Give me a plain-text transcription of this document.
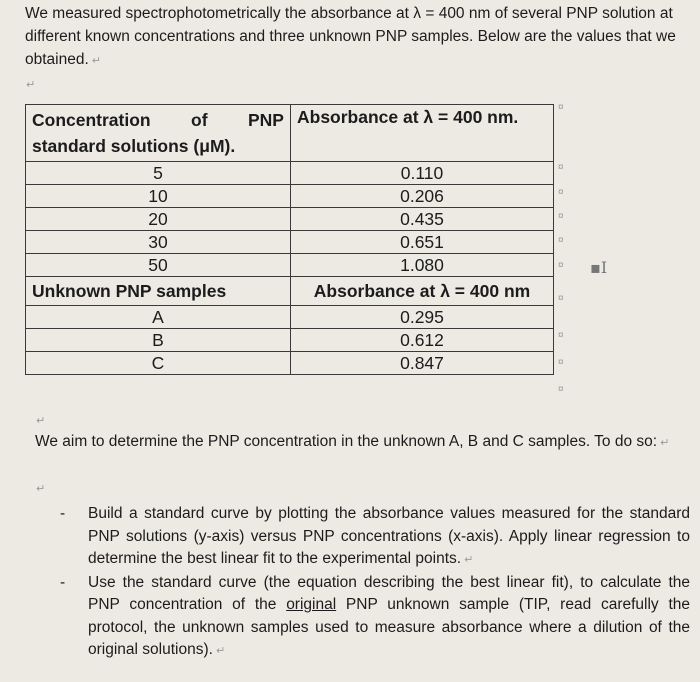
We measured spectrophotometrically the absorbance at λ = 400 nm of several PNP solution at different known concentrations and three unknown PNP samples. Below are the values that we obtained. ↵
↵
Concentration of PNP
standard solutions (μM).	Absorbance at λ = 400 nm.
5	0.110
10	0.206
20	0.435
30	0.651
50	1.080
Unknown PNP samples	Absorbance at λ = 400 nm
A	0.295
B	0.612
C	0.847
¤
¤
¤
¤
¤
¤
¤
¤
¤
¤
▪I
↵
We aim to determine the PNP concentration in the unknown A, B and C samples. To do so: ↵
↵
- Build a standard curve by plotting the absorbance values measured for the standard PNP solutions (y-axis) versus PNP concentrations (x-axis). Apply linear regression to determine the best linear fit to the experimental points. ↵
- Use the standard curve (the equation describing the best linear fit), to calculate the PNP concentration of the original PNP unknown sample (TIP, read carefully the protocol, the unknown samples used to measure absorbance where a dilution of the original solutions). ↵
